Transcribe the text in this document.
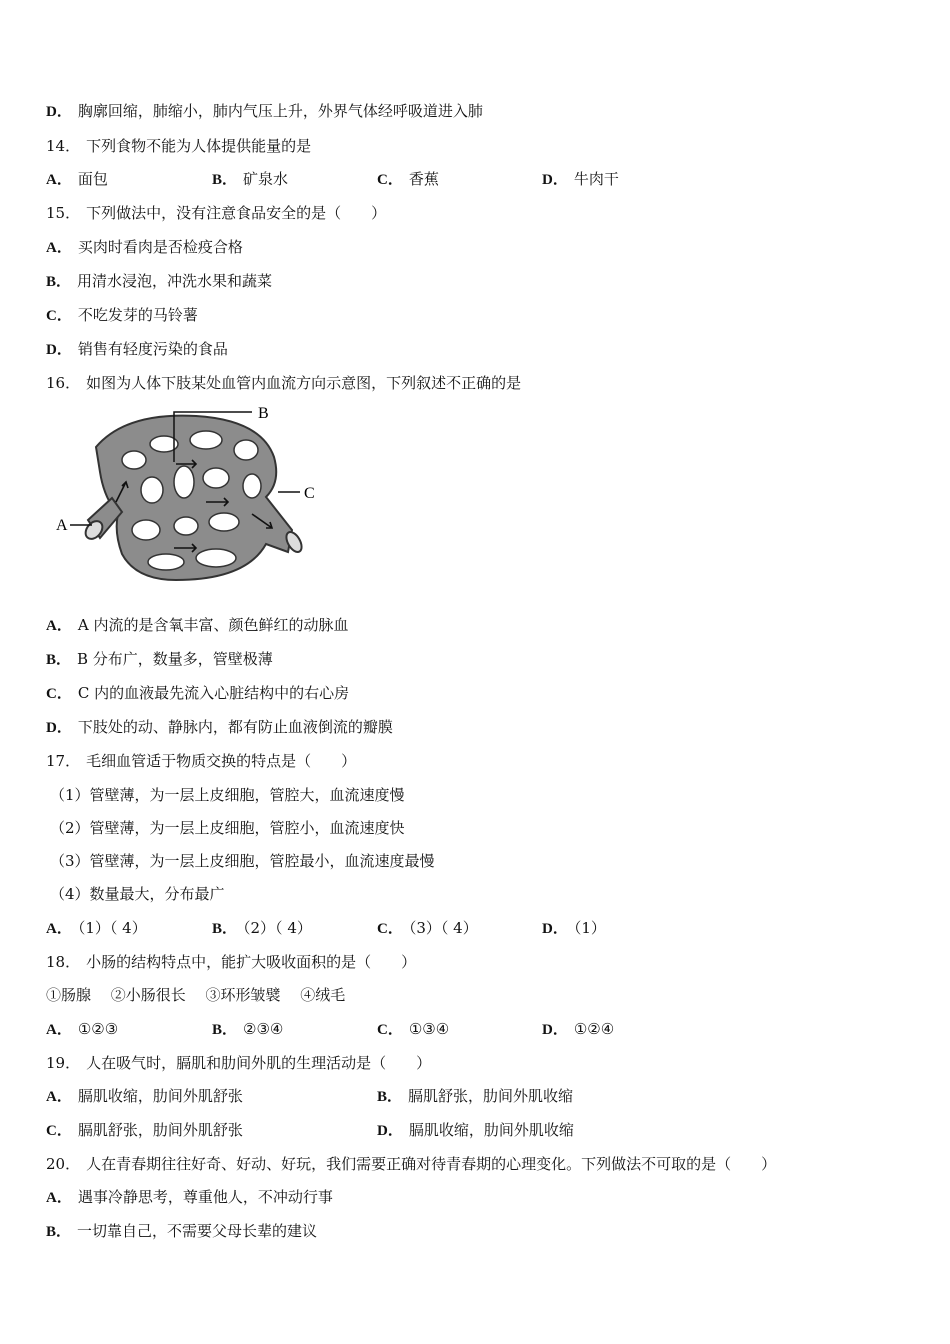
D． 胸廓回缩，肺缩小，肺内气压上升，外界气体经呼吸道进入肺
14． 下列食物不能为人体提供能量的是
A． 面包	B． 矿泉水	C． 香蕉	D． 牛肉干
15． 下列做法中，没有注意食品安全的是（　　）
A． 买肉时看肉是否检疫合格
B． 用清水浸泡，冲洗水果和蔬菜
C． 不吃发芽的马铃薯
D． 销售有轻度污染的食品
16． 如图为人体下肢某处血管内血流方向示意图，下列叙述不正确的是
A
B
C
A． A 内流的是含氧丰富、颜色鲜红的动脉血
B． B 分布广，数量多，管壁极薄
C． C 内的血液最先流入心脏结构中的右心房
D． 下肢处的动、静脉内，都有防止血液倒流的瓣膜
17． 毛细血管适于物质交换的特点是（　　）
（1）管壁薄，为一层上皮细胞，管腔大，血流速度慢
（2）管壁薄，为一层上皮细胞，管腔小，血流速度快
（3）管壁薄，为一层上皮细胞，管腔最小，血流速度最慢
（4）数量最大，分布最广
A． （1）（ 4）	B． （2）（ 4）	C． （3）（ 4）	D． （1）
18． 小肠的结构特点中，能扩大吸收面积的是（　　）
①肠腺　 ②小肠很长　 ③环形皱襞　 ④绒毛
A． ①②③	B． ②③④	C． ①③④	D． ①②④
19． 人在吸气时，膈肌和肋间外肌的生理活动是（　　）
A． 膈肌收缩，肋间外肌舒张	B． 膈肌舒张，肋间外肌收缩
C． 膈肌舒张，肋间外肌舒张	D． 膈肌收缩，肋间外肌收缩
20． 人在青春期往往好奇、好动、好玩，我们需要正确对待青春期的心理变化。下列做法不可取的是（　　）
A． 遇事冷静思考，尊重他人，不冲动行事
B． 一切靠自己，不需要父母长辈的建议
